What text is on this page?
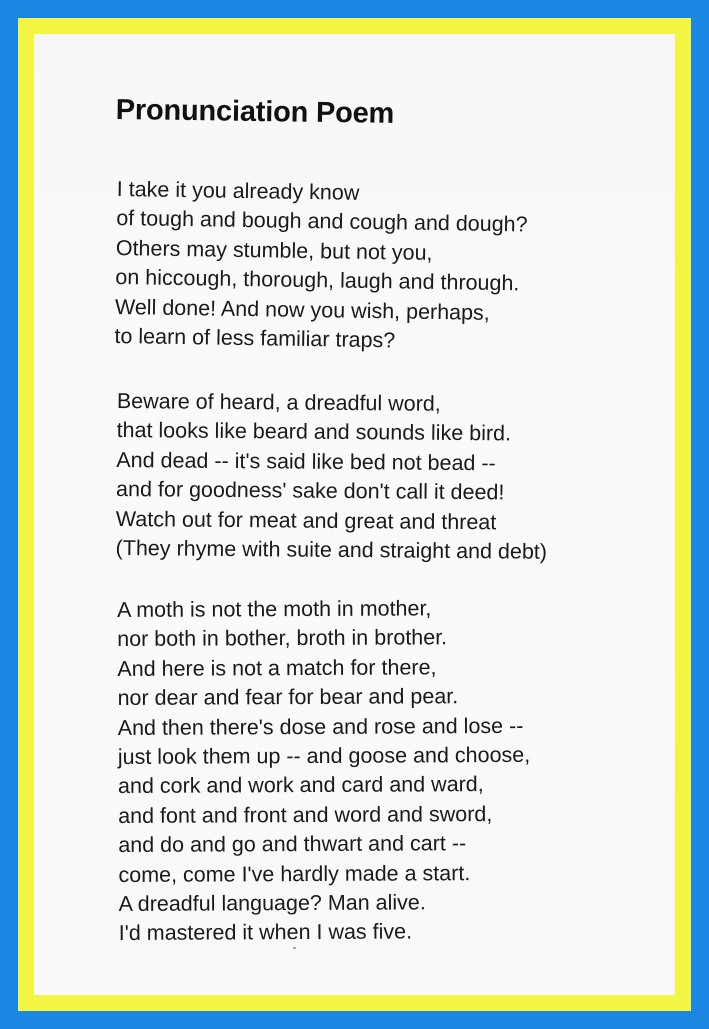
Pronunciation Poem
I take it you already know
of tough and bough and cough and dough?
Others may stumble, but not you,
on hiccough, thorough, laugh and through.
Well done! And now you wish, perhaps,
to learn of less familiar traps?
Beware of heard, a dreadful word,
that looks like beard and sounds like bird.
And dead -- it's said like bed not bead --
and for goodness' sake don't call it deed!
Watch out for meat and great and threat
(They rhyme with suite and straight and debt)
A moth is not the moth in mother,
nor both in bother, broth in brother.
And here is not a match for there,
nor dear and fear for bear and pear.
And then there's dose and rose and lose --
just look them up -- and goose and choose,
and cork and work and card and ward,
and font and front and word and sword,
and do and go and thwart and cart --
come, come I've hardly made a start.
A dreadful language? Man alive.
I'd mastered it when I was five.
